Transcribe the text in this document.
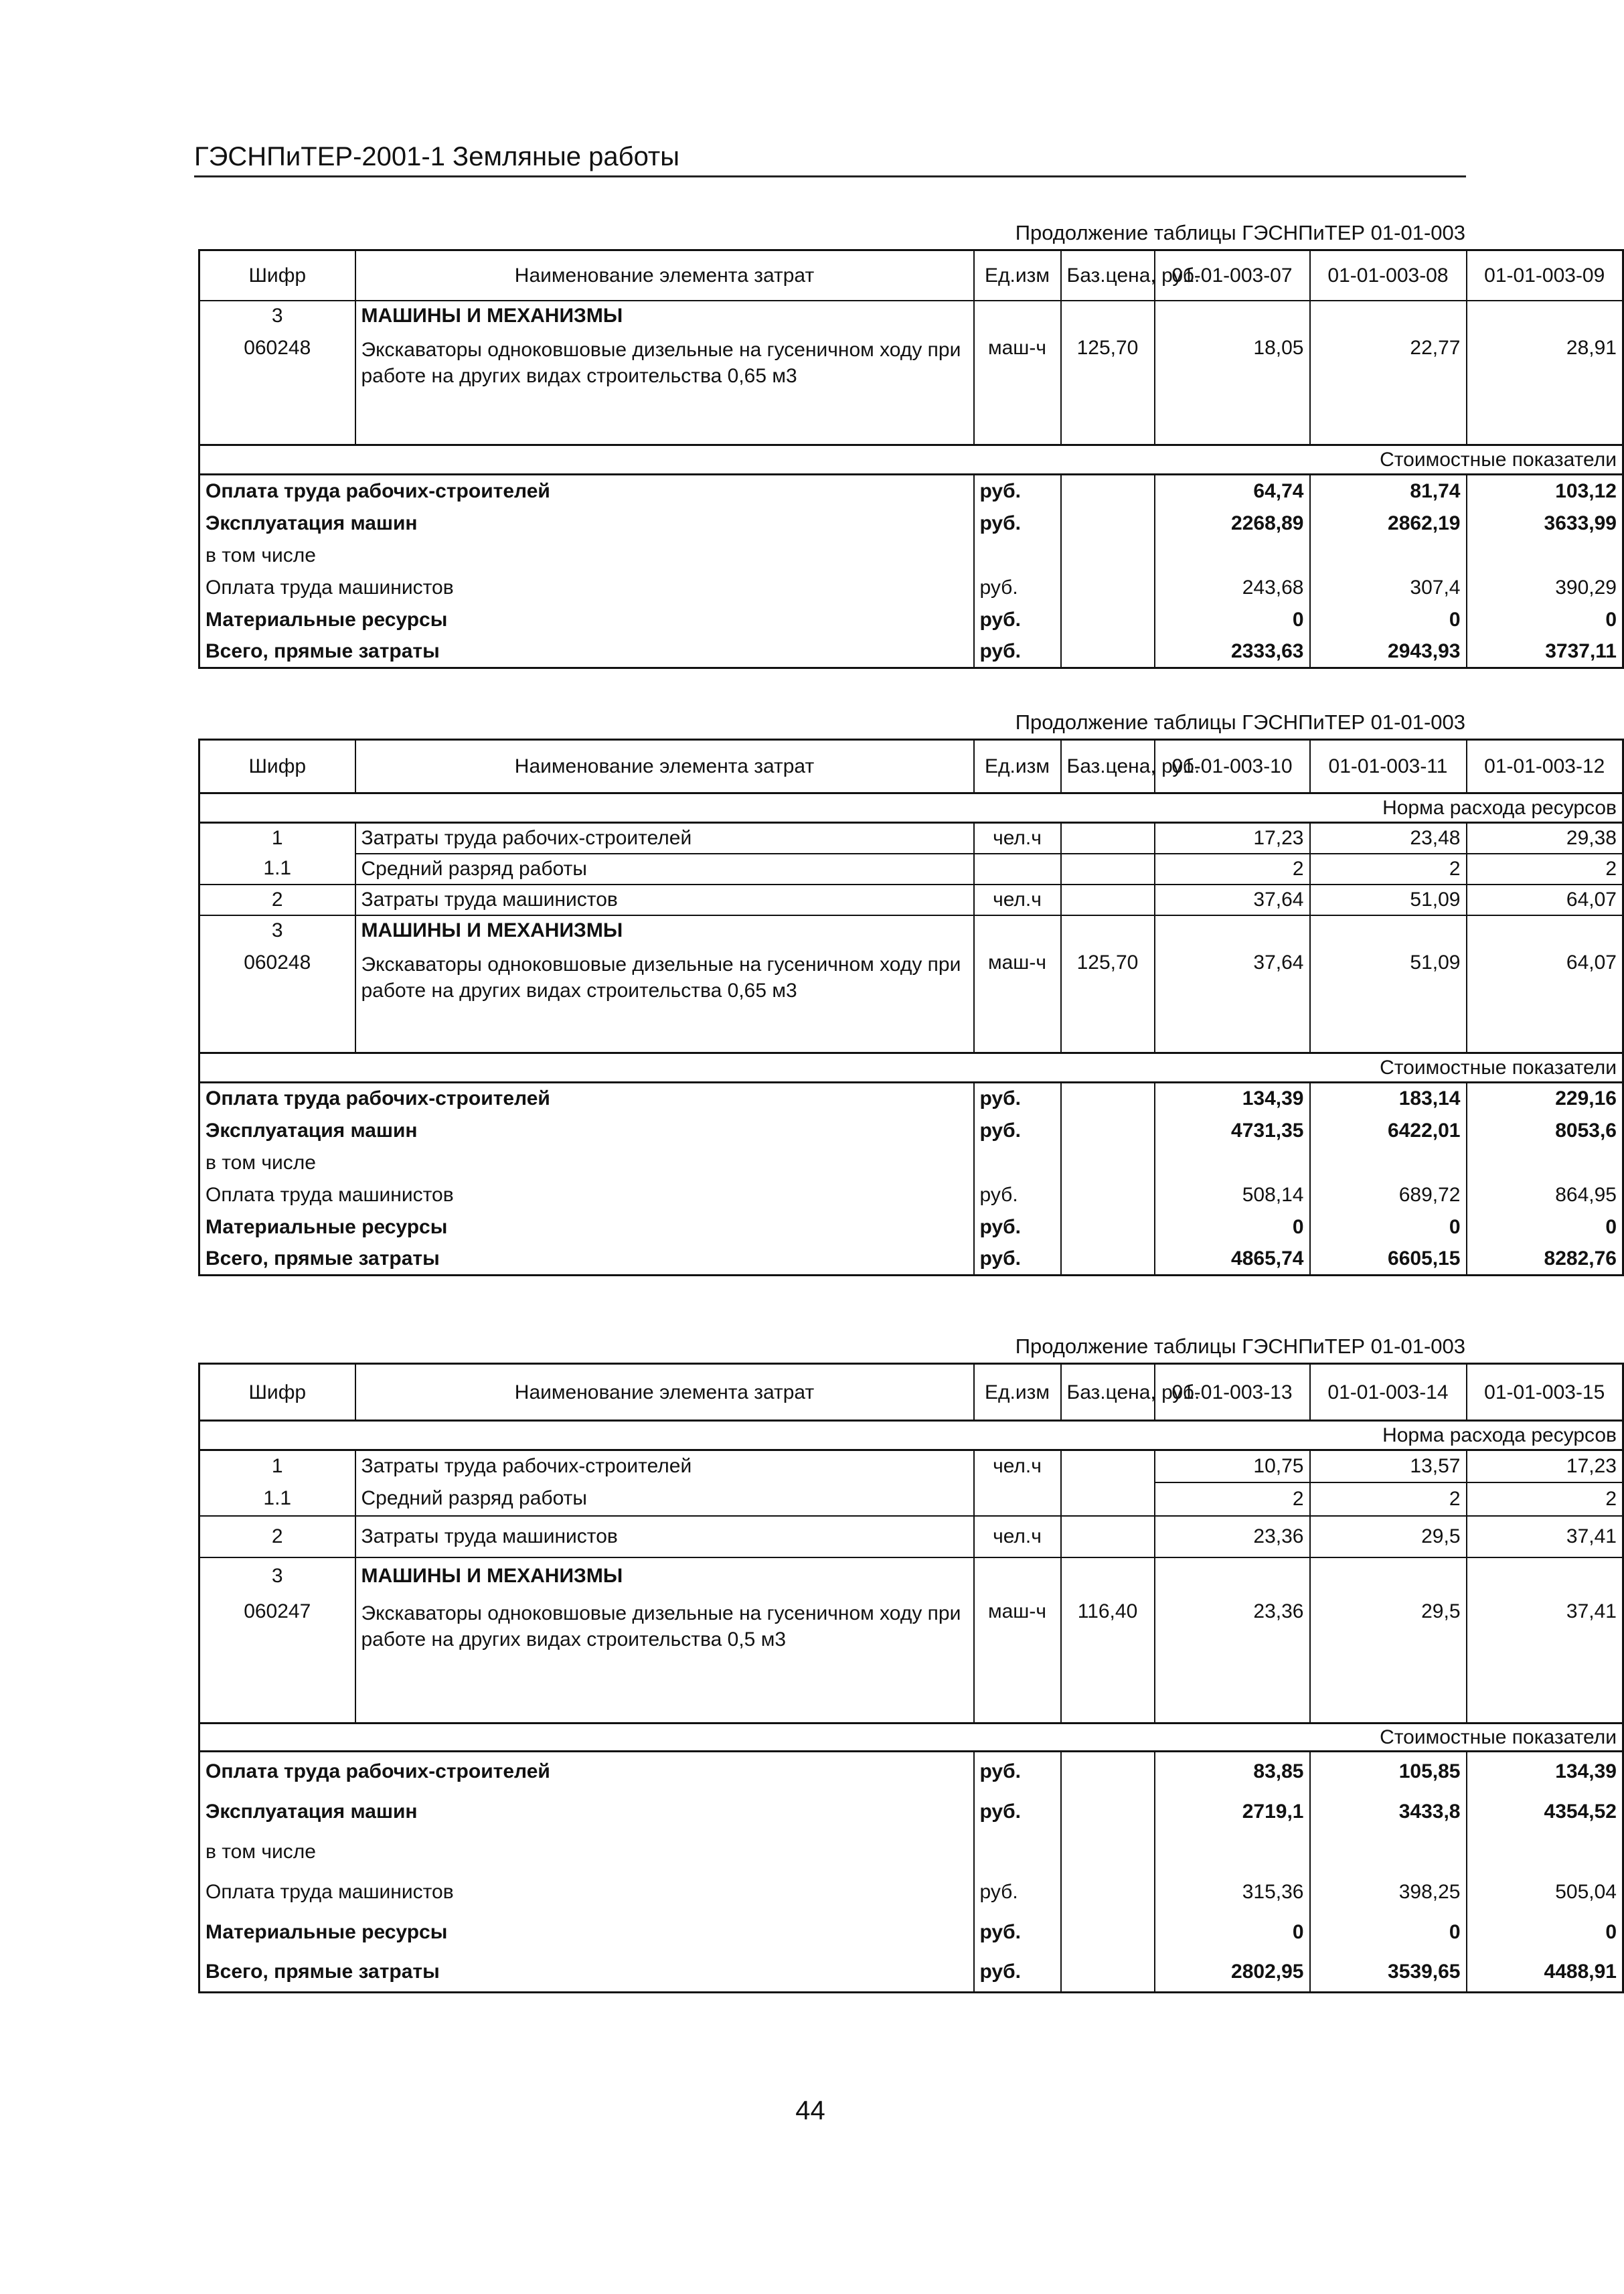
ГЭСНПиТЕР-2001-1 Земляные работы
Продолжение таблицы ГЭСНПиТЕР 01-01-003
Шифр	Наименование элемента затрат	Ед.изм	Баз.цена, руб.	01-01-003-07	01-01-003-08	01-01-003-09
3	МАШИНЫ И МЕХАНИЗМЫ					
060248	Экскаваторы одноковшовые дизельные на гусеничном ходу при работе на других видах строительства 0,65 м3	маш-ч	125,70	18,05	22,77	28,91
Стоимостные показатели						
Оплата труда рабочих-строителей		руб.		64,74	81,74	103,12
Эксплуатация машин		руб.		2268,89	2862,19	3633,99
в том числе						
Оплата труда машинистов		руб.		243,68	307,4	390,29
Материальные ресурсы		руб.		0	0	0
Всего, прямые затраты		руб.		2333,63	2943,93	3737,11
Продолжение таблицы ГЭСНПиТЕР 01-01-003
Шифр	Наименование элемента затрат	Ед.изм	Баз.цена, руб.	01-01-003-10	01-01-003-11	01-01-003-12
Норма расхода ресурсов						
1	Затраты труда рабочих-строителей	чел.ч		17,23	23,48	29,38
1.1	Средний разряд работы			2	2	2
2	Затраты труда машинистов	чел.ч		37,64	51,09	64,07
3	МАШИНЫ И МЕХАНИЗМЫ					
060248	Экскаваторы одноковшовые дизельные на гусеничном ходу при работе на других видах строительства 0,65 м3	маш-ч	125,70	37,64	51,09	64,07
Стоимостные показатели						
Оплата труда рабочих-строителей		руб.		134,39	183,14	229,16
Эксплуатация машин		руб.		4731,35	6422,01	8053,6
в том числе						
Оплата труда машинистов		руб.		508,14	689,72	864,95
Материальные ресурсы		руб.		0	0	0
Всего, прямые затраты		руб.		4865,74	6605,15	8282,76
Продолжение таблицы ГЭСНПиТЕР 01-01-003
Шифр	Наименование элемента затрат	Ед.изм	Баз.цена, руб.	01-01-003-13	01-01-003-14	01-01-003-15
Норма расхода ресурсов						
1	Затраты труда рабочих-строителей	чел.ч		10,75	13,57	17,23
1.1	Средний разряд работы			2	2	2
2	Затраты труда машинистов	чел.ч		23,36	29,5	37,41
3	МАШИНЫ И МЕХАНИЗМЫ					
060247	Экскаваторы одноковшовые дизельные на гусеничном ходу при работе на других видах строительства 0,5 м3	маш-ч	116,40	23,36	29,5	37,41
Стоимостные показатели						
Оплата труда рабочих-строителей		руб.		83,85	105,85	134,39
Эксплуатация машин		руб.		2719,1	3433,8	4354,52
в том числе						
Оплата труда машинистов		руб.		315,36	398,25	505,04
Материальные ресурсы		руб.		0	0	0
Всего, прямые затраты		руб.		2802,95	3539,65	4488,91
44
